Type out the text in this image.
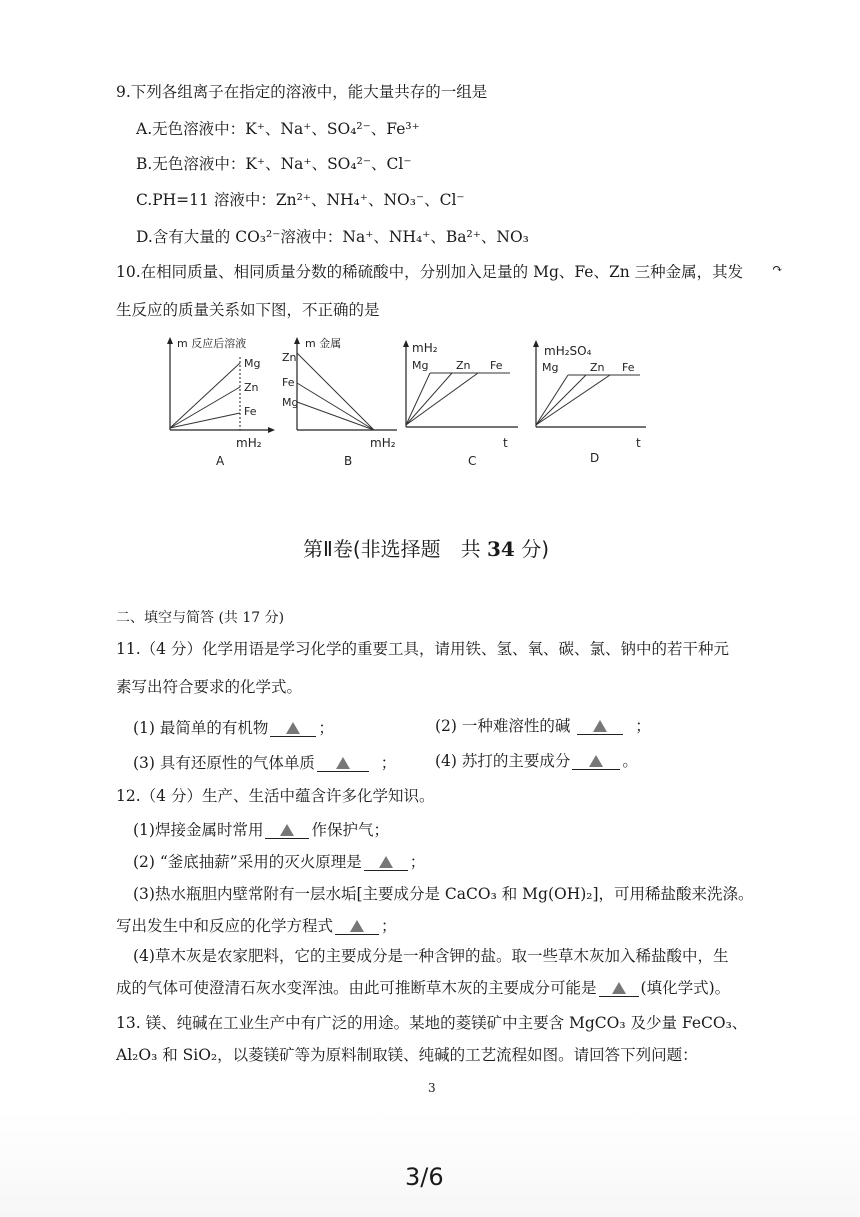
9.下列各组离子在指定的溶液中，能大量共存的一组是
A.无色溶液中：K⁺、Na⁺、SO₄²⁻、Fe³⁺
B.无色溶液中：K⁺、Na⁺、SO₄²⁻、Cl⁻
C.PH=11 溶液中：Zn²⁺、NH₄⁺、NO₃⁻、Cl⁻
D.含有大量的 CO₃²⁻溶液中：Na⁺、NH₄⁺、Ba²⁺、NO₃
10.在相同质量、相同质量分数的稀硫酸中，分别加入足量的 Mg、Fe、Zn 三种金属，其发 ↷
生反应的质量关系如下图，不正确的是
m 反应后溶液
Mg
Zn
Fe
mH₂
A
m 金属
Zn
Fe
Mg
mH₂
B
mH₂
Mg	Zn Fe
t
C
mH₂SO₄
Mg	Zn Fe
t
D
第Ⅱ卷(非选择题　共 34 分)
二、填空与简答 (共 17 分)
11.（4 分）化学用语是学习化学的重要工具，请用铁、氢、氧、碳、氯、钠中的若干种元
素写出符合要求的化学式。
(1) 最简单的有机物	；	(2) 一种难溶性的碱	；
(3) 具有还原性的气体单质	； (4) 苏打的主要成分	。
12.（4 分）生产、生活中蕴含许多化学知识。
(1)焊接金属时常用	作保护气；
(2) “釜底抽薪”采用的灭火原理是	；
(3)热水瓶胆内壁常附有一层水垢[主要成分是 CaCO₃ 和 Mg(OH)₂]，可用稀盐酸来洗涤。
写出发生中和反应的化学方程式	；
(4)草木灰是农家肥料，它的主要成分是一种含钾的盐。取一些草木灰加入稀盐酸中，生
成的气体可使澄清石灰水变浑浊。由此可推断草木灰的主要成分可能是	(填化学式)。
13. 镁、纯碱在工业生产中有广泛的用途。某地的菱镁矿中主要含 MgCO₃ 及少量 FeCO₃、
Al₂O₃ 和 SiO₂，以菱镁矿等为原料制取镁、纯碱的工艺流程如图。请回答下列问题：
3
3/6
